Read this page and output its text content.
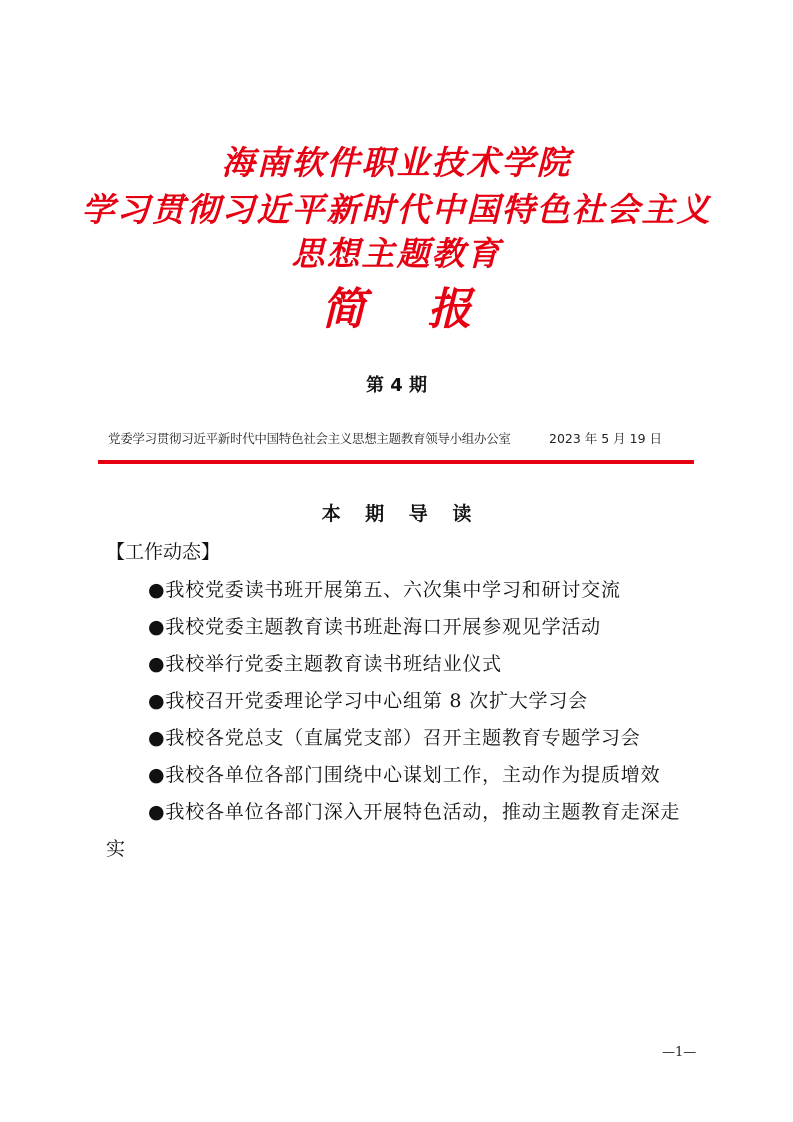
海南软件职业技术学院
学习贯彻习近平新时代中国特色社会主义
思想主题教育
简 报
第 4 期
党委学习贯彻习近平新时代中国特色社会主义思想主题教育领导小组办公室	2023 年 5 月 19 日
本 期 导 读
【工作动态】
●我校党委读书班开展第五、六次集中学习和研讨交流
●我校党委主题教育读书班赴海口开展参观见学活动
●我校举行党委主题教育读书班结业仪式
●我校召开党委理论学习中心组第 8 次扩大学习会
●我校各党总支（直属党支部）召开主题教育专题学习会
●我校各单位各部门围绕中心谋划工作，主动作为提质增效
●我校各单位各部门深入开展特色活动，推动主题教育走深走实
—1—
